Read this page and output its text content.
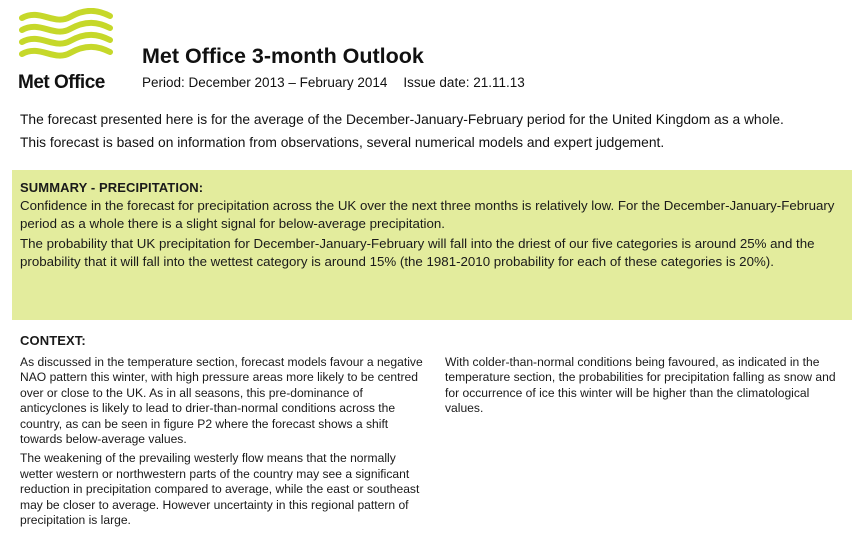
Met Office
Met Office 3-month Outlook
Period: December 2013 – February 2014 Issue date: 21.11.13

The forecast presented here is for the average of the December-January-February period for the United Kingdom as a whole.

This forecast is based on information from observations, several numerical models and expert judgement.

SUMMARY - PRECIPITATION:

Confidence in the forecast for precipitation across the UK over the next three months is relatively low. For the December-January-February period as a whole there is a slight signal for below-average precipitation.

The probability that UK precipitation for December-January-February will fall into the driest of our five categories is around 25% and the probability that it will fall into the wettest category is around 15% (the 1981-2010 probability for each of these categories is 20%).

CONTEXT:

As discussed in the temperature section, forecast models favour a negative NAO pattern this winter, with high pressure areas more likely to be centred over or close to the UK. As in all seasons, this pre-dominance of anticyclones is likely to lead to drier-than-normal conditions across the country, as can be seen in figure P2 where the forecast shows a shift towards below-average values.

The weakening of the prevailing westerly flow means that the normally wetter western or northwestern parts of the country may see a significant reduction in precipitation compared to average, while the east or southeast may be closer to average. However uncertainty in this regional pattern of precipitation is large.

With colder-than-normal conditions being favoured, as indicated in the temperature section, the probabilities for precipitation falling as snow and for occurrence of ice this winter will be higher than the climatological values.
